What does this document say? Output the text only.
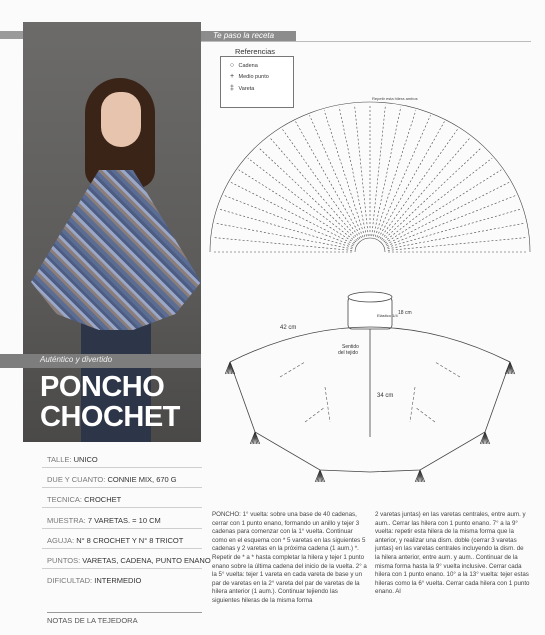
Auténtico y divertido
PONCHO
CHOCHET
TALLE: UNICO
DUE Y CUANTO: CONNIE MIX, 670 G
TECNICA: CROCHET
MUESTRA: 7 VARETAS. = 10 CM
AGUJA: N° 8 CROCHET Y N° 8 TRICOT
PUNTOS: VARETAS, CADENA, PUNTO ENANO
DIFICULTAD: INTERMEDIO
NOTAS DE LA TEJEDORA
Te paso la receta
Referencias
○ Cadena
+ Medio punto
‡ Vareta
Repetir esta hilera ambos
Elástico 1/4 18 cm
42 cm
Sentido
del tejido
34 cm
PONCHO: 1° vuelta: sobre una base de 40 cadenas, cerrar con 1 punto enano, formando un anillo y tejer 3 cadenas para comenzar con la 1° vuelta. Continuar como en el esquema con * 5 varetas en las siguientes 5 cadenas y 2 varetas en la próxima cadena (1 aum.) *. Repetir de * a * hasta completar la hilera y tejer 1 punto enano sobre la última cadena del inicio de la vuelta. 2° a la 5° vuelta: tejer 1 vareta en cada vareta de base y un par de varetas en la 2° vareta del par de varetas de la hilera anterior (1 aum.). Continuar tejiendo las siguientes hileras de la misma forma
2 varetas juntas) en las varetas centrales, entre aum. y aum.. Cerrar las hilera con 1 punto enano. 7° a la 9° vuelta: repetir esta hilera de la misma forma que la anterior, y realizar una dism. doble (cerrar 3 varetas juntas) en las varetas centrales incluyendo la dism. de la hilera anterior, entre aum. y aum.. Continuar de la misma forma hasta la 9° vuelta inclusive. Cerrar cada hilera con 1 punto enano. 10° a la 13° vuelta: tejer estas hileras como la 6° vuelta. Cerrar cada hilera con 1 punto enano. Al
